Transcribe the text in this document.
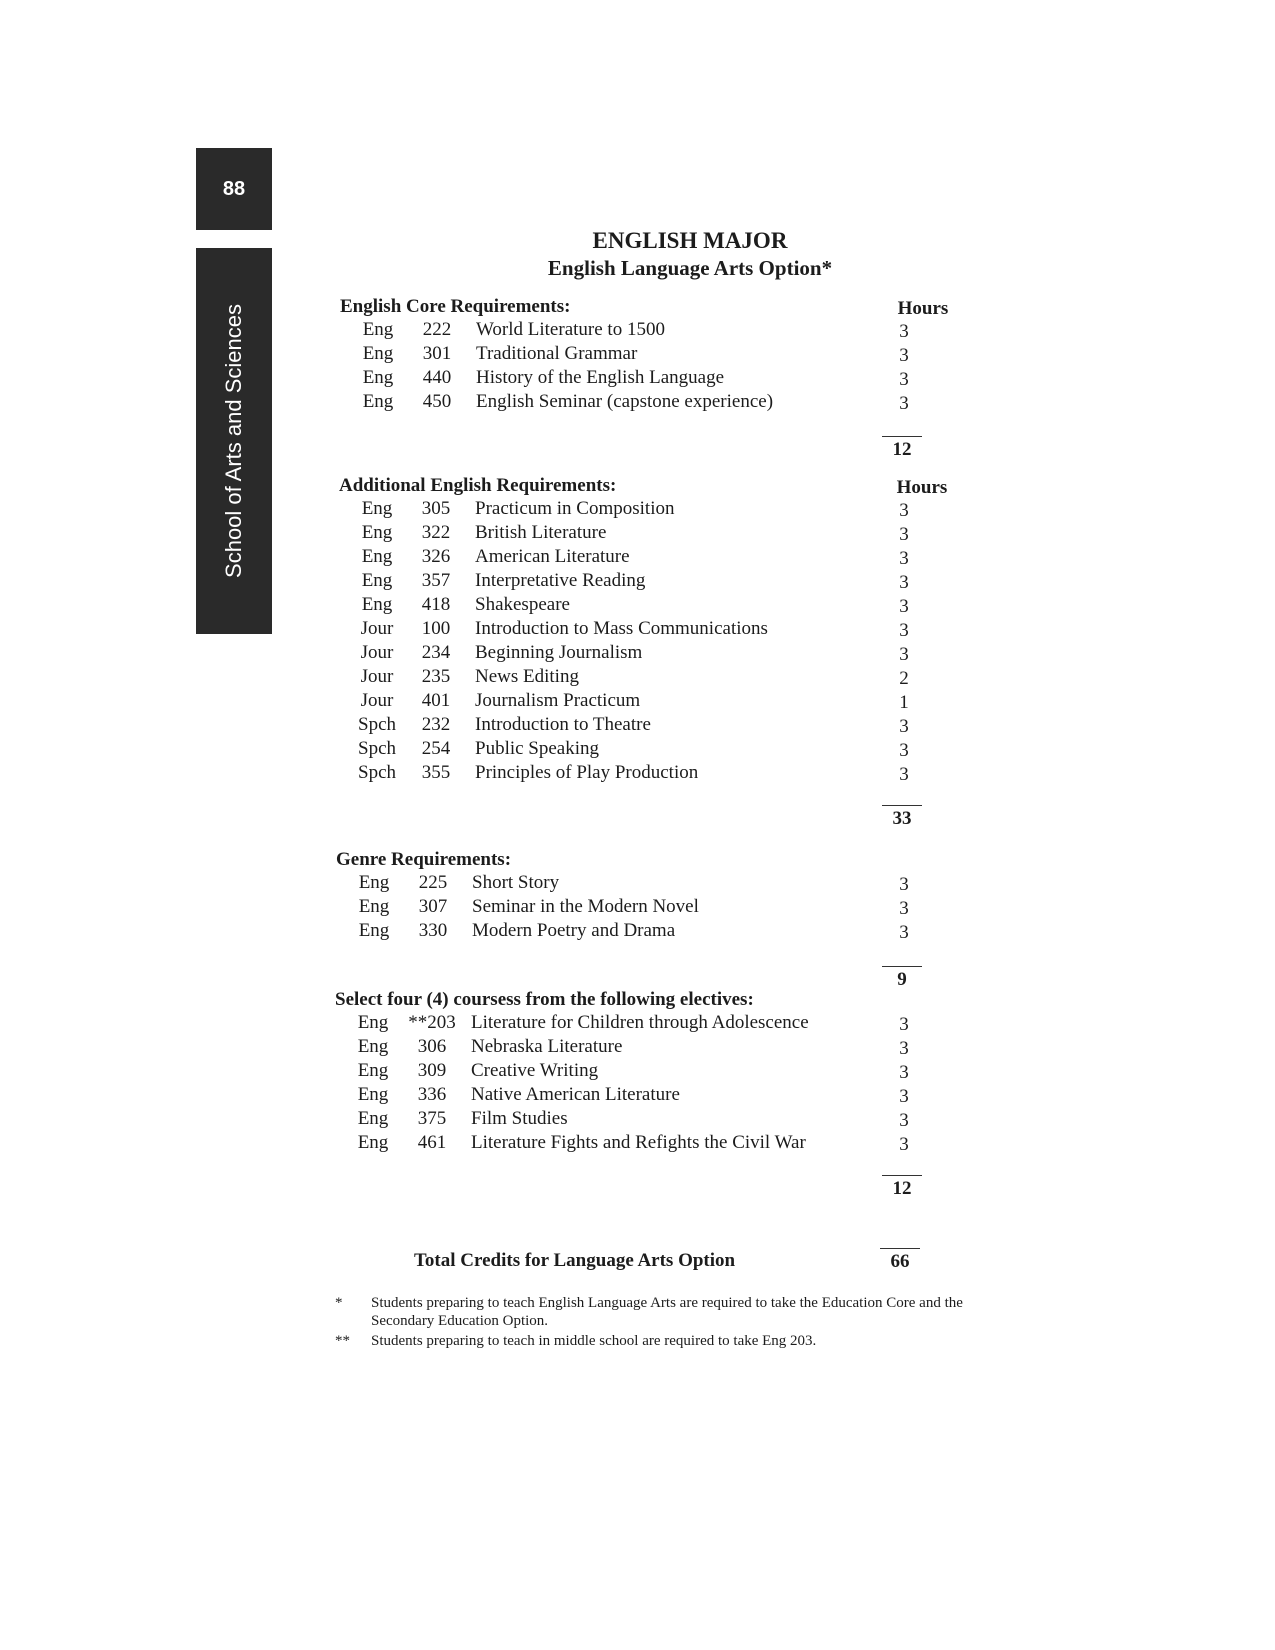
88
School of Arts and Sciences
ENGLISH MAJOR
English Language Arts Option*
English Core Requirements:	Hours
Eng	222	World Literature to 1500	3
Eng	301	Traditional Grammar	3
Eng	440	History of the English Language	3
Eng	450	English Seminar (capstone experience)	3
12
Additional English Requirements:	Hours
Eng	305	Practicum in Composition	3
Eng	322	British Literature	3
Eng	326	American Literature	3
Eng	357	Interpretative Reading	3
Eng	418	Shakespeare	3
Jour	100	Introduction to Mass Communications	3
Jour	234	Beginning Journalism	3
Jour	235	News Editing	2
Jour	401	Journalism Practicum	1
Spch	232	Introduction to Theatre	3
Spch	254	Public Speaking	3
Spch	355	Principles of Play Production	3
33
Genre Requirements:
Eng	225	Short Story	3
Eng	307	Seminar in the Modern Novel	3
Eng	330	Modern Poetry and Drama	3
9
Select four (4) coursess from the following electives:
Eng	**203 Literature for Children through Adolescence	3
Eng	306	Nebraska Literature	3
Eng	309	Creative Writing	3
Eng	336	Native American Literature	3
Eng	375	Film Studies	3
Eng	461	Literature Fights and Refights the Civil War	3
12
Total Credits for Language Arts Option	66
* Students preparing to teach English Language Arts are required to take the Education Core and the Secondary Education Option.
** Students preparing to teach in middle school are required to take Eng 203.
